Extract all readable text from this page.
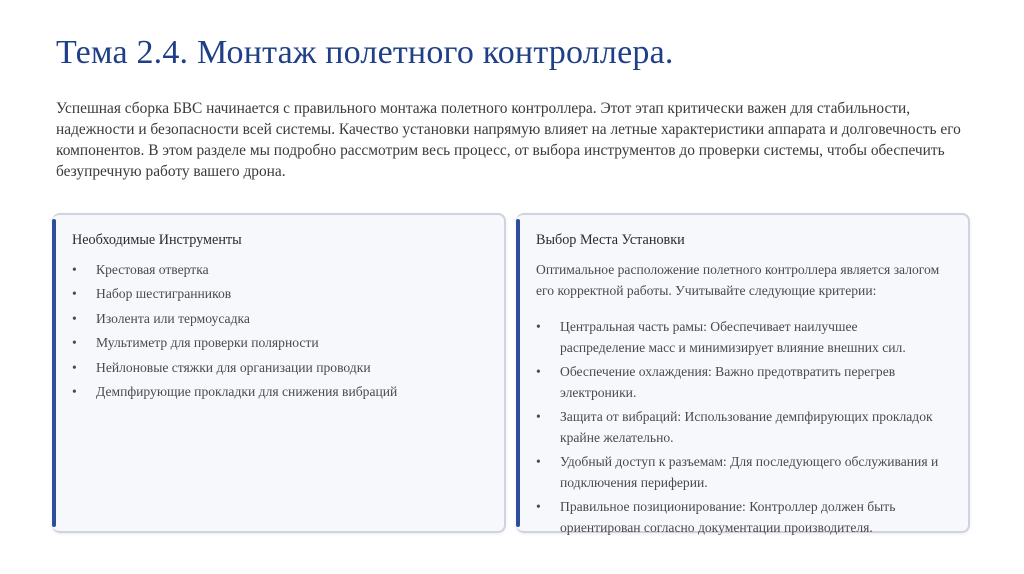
Тема 2.4. Монтаж полетного контроллера.

Успешная сборка БВС начинается с правильного монтажа полетного контроллера. Этот этап критически важен для стабильности, надежности и безопасности всей системы. Качество установки напрямую влияет на летные характеристики аппарата и долговечность его компонентов. В этом разделе мы подробно рассмотрим весь процесс, от выбора инструментов до проверки системы, чтобы обеспечить безупречную работу вашего дрона.

Необходимые Инструменты
• Крестовая отвертка
• Набор шестигранников
• Изолента или термоусадка
• Мультиметр для проверки полярности
• Нейлоновые стяжки для организации проводки
• Демпфирующие прокладки для снижения вибраций
Выбор Места Установки

Оптимальное расположение полетного контроллера является залогом его корректной работы. Учитывайте следующие критерии:

• Центральная часть рамы: Обеспечивает наилучшее распределение масс и минимизирует влияние внешних сил.
• Обеспечение охлаждения: Важно предотвратить перегрев электроники.
• Защита от вибраций: Использование демпфирующих прокладок крайне желательно.
• Удобный доступ к разъемам: Для последующего обслуживания и подключения периферии.
• Правильное позиционирование: Контроллер должен быть ориентирован согласно документации производителя.
